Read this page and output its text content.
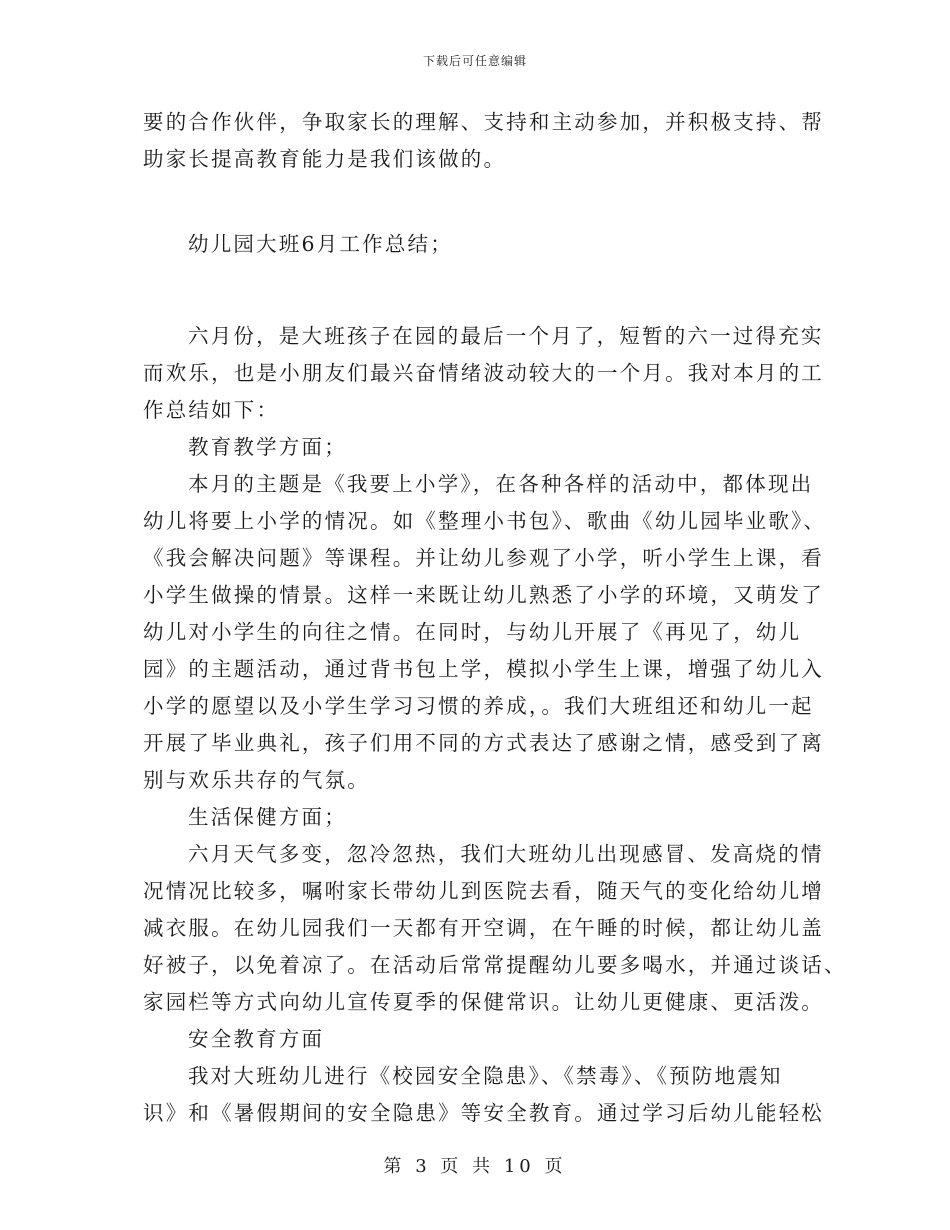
下载后可任意编辑
要的合作伙伴，争取家长的理解、支持和主动参加，并积极支持、帮
助家长提高教育能力是我们该做的。
幼儿园大班6月工作总结；
六月份，是大班孩子在园的最后一个月了，短暂的六一过得充实
而欢乐，也是小朋友们最兴奋情绪波动较大的一个月。我对本月的工
作总结如下：
教育教学方面；
本月的主题是《我要上小学》，在各种各样的活动中，都体现出
幼儿将要上小学的情况。如《整理小书包》、歌曲《幼儿园毕业歌》、
《我会解决问题》等课程。并让幼儿参观了小学，听小学生上课，看
小学生做操的情景。这样一来既让幼儿熟悉了小学的环境，又萌发了
幼儿对小学生的向往之情。在同时，与幼儿开展了《再见了，幼儿
园》的主题活动，通过背书包上学，模拟小学生上课，增强了幼儿入
小学的愿望以及小学生学习习惯的养成，。我们大班组还和幼儿一起
开展了毕业典礼，孩子们用不同的方式表达了感谢之情，感受到了离
别与欢乐共存的气氛。
生活保健方面；
六月天气多变，忽冷忽热，我们大班幼儿出现感冒、发高烧的情
况情况比较多，嘱咐家长带幼儿到医院去看，随天气的变化给幼儿增
减衣服。在幼儿园我们一天都有开空调，在午睡的时候，都让幼儿盖
好被子，以免着凉了。在活动后常常提醒幼儿要多喝水，并通过谈话、
家园栏等方式向幼儿宣传夏季的保健常识。让幼儿更健康、更活泼。
安全教育方面
我对大班幼儿进行《校园安全隐患》、《禁毒》、《预防地震知
识》和《暑假期间的安全隐患》等安全教育。通过学习后幼儿能轻松
第 3 页 共 10 页
